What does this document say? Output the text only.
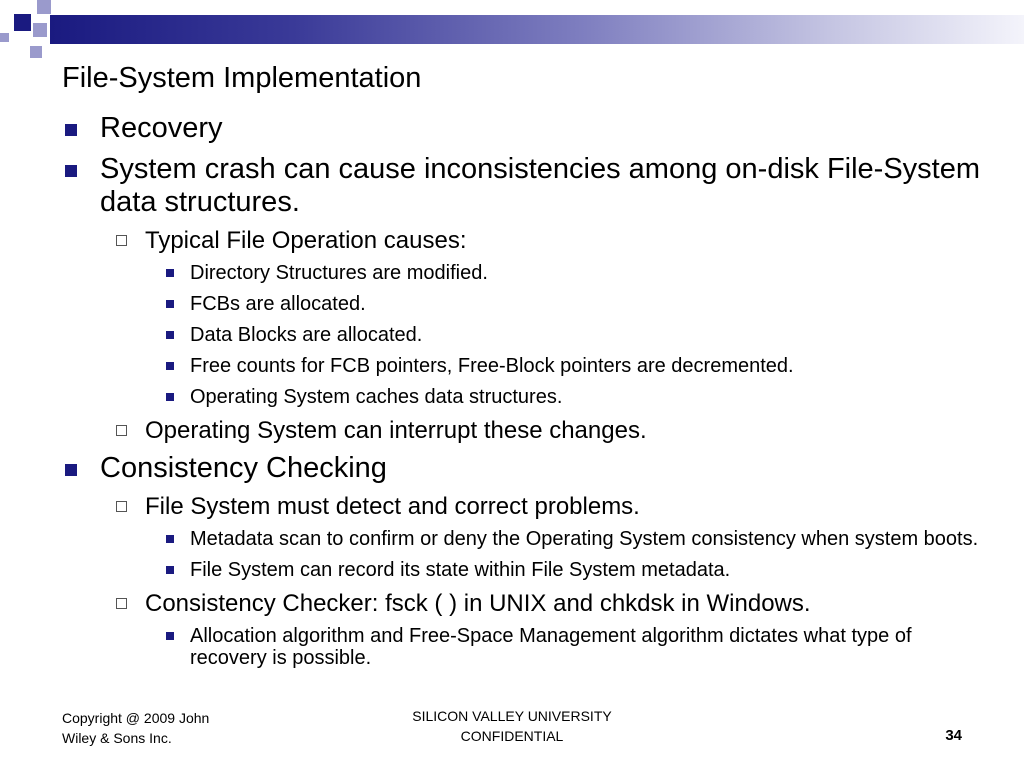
File-System Implementation
Recovery
System crash can cause inconsistencies among on-disk File-System data structures.
Typical File Operation causes:
Directory Structures are modified.
FCBs are allocated.
Data Blocks are allocated.
Free counts for FCB pointers, Free-Block pointers are decremented.
Operating System caches data structures.
Operating System can interrupt these changes.
Consistency Checking
File System must detect and correct problems.
Metadata scan to confirm or deny the Operating System consistency when system boots.
File System can record its state within File System metadata.
Consistency Checker: fsck ( ) in UNIX and chkdsk in Windows.
Allocation algorithm and Free-Space Management algorithm dictates what type of recovery is possible.
Copyright @ 2009 John
Wiley & Sons Inc.
SILICON VALLEY UNIVERSITY
CONFIDENTIAL	34
